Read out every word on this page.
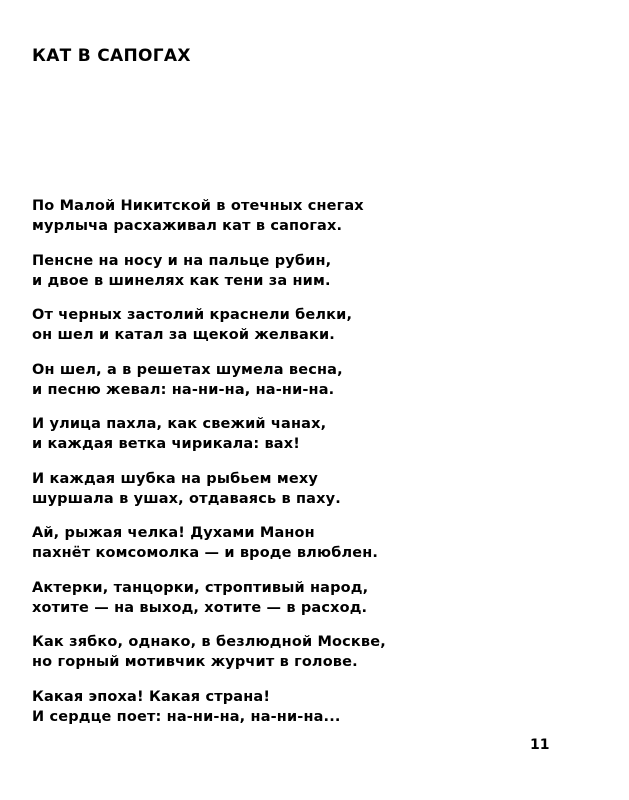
КАТ В САПОГАХ

По Малой Никитской в отечных снегах
мурлыча расхаживал кат в сапогах.

Пенсне на носу и на пальце рубин,
и двое в шинелях как тени за ним.

От черных застолий краснели белки,
он шел и катал за щекой желваки.

Он шел, а в решетах шумела весна,
и песню жевал: на-ни-на, на-ни-на.

И улица пахла, как свежий чанах,
и каждая ветка чирикала: вах!

И каждая шубка на рыбьем меху
шуршала в ушах, отдаваясь в паху.

Ай, рыжая челка! Духами Манон
пахнёт комсомолка — и вроде влюблен.

Актерки, танцорки, строптивый народ,
хотите — на выход, хотите — в расход.

Как зябко, однако, в безлюдной Москве,
но горный мотивчик журчит в голове.

Какая эпоха! Какая страна!
И сердце поет: на-ни-на, на-ни-на...

11
